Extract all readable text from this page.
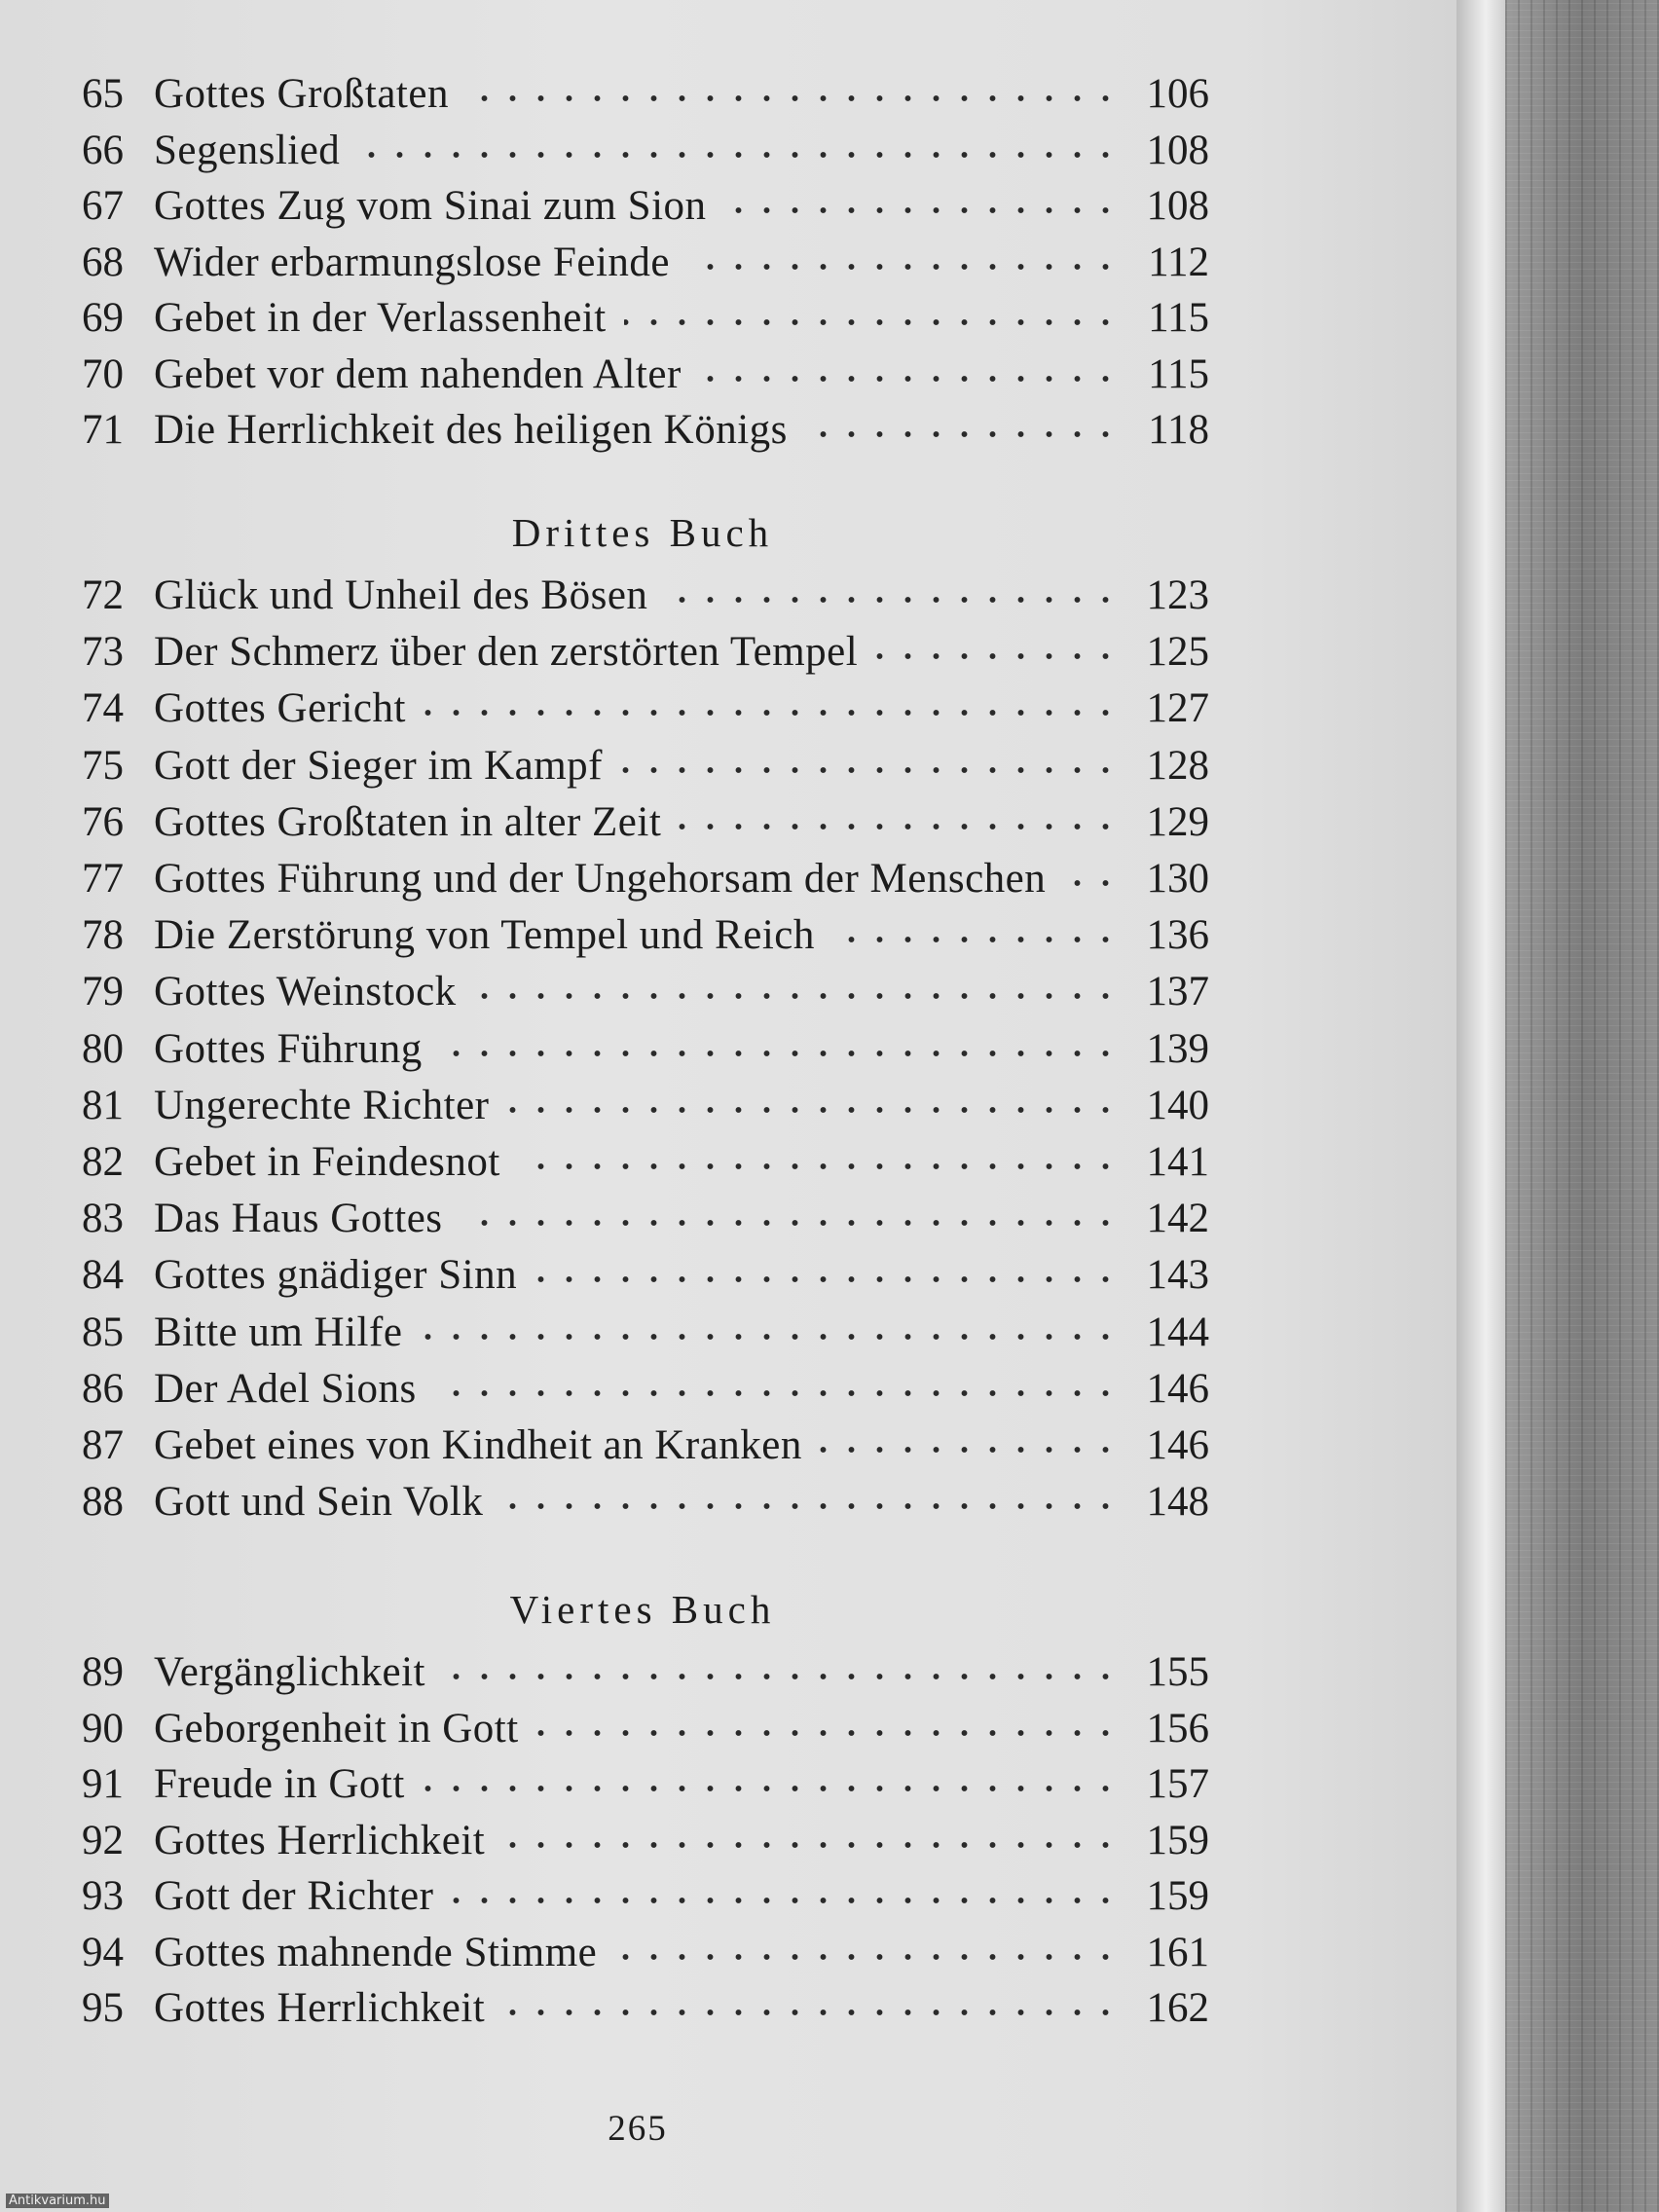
65 Gottes Großtaten	106
66 Segenslied	108
67 Gottes Zug vom Sinai zum Sion	108
68 Wider erbarmungslose Feinde	112
69 Gebet in der Verlassenheit	115
70 Gebet vor dem nahenden Alter	115
71 Die Herrlichkeit des heiligen Königs	118
Drittes Buch
72 Glück und Unheil des Bösen	123
73 Der Schmerz über den zerstörten Tempel	125
74 Gottes Gericht	127
75 Gott der Sieger im Kampf	128
76 Gottes Großtaten in alter Zeit	129
77 Gottes Führung und der Ungehorsam der Menschen	130
78 Die Zerstörung von Tempel und Reich	136
79 Gottes Weinstock	137
80 Gottes Führung	139
81 Ungerechte Richter	140
82 Gebet in Feindesnot	141
83 Das Haus Gottes	142
84 Gottes gnädiger Sinn	143
85 Bitte um Hilfe	144
86 Der Adel Sions	146
87 Gebet eines von Kindheit an Kranken	146
88 Gott und Sein Volk	148
Viertes Buch
89 Vergänglichkeit	155
90 Geborgenheit in Gott	156
91 Freude in Gott	157
92 Gottes Herrlichkeit	159
93 Gott der Richter	159
94 Gottes mahnende Stimme	161
95 Gottes Herrlichkeit	162
265
Antikvarium.hu
